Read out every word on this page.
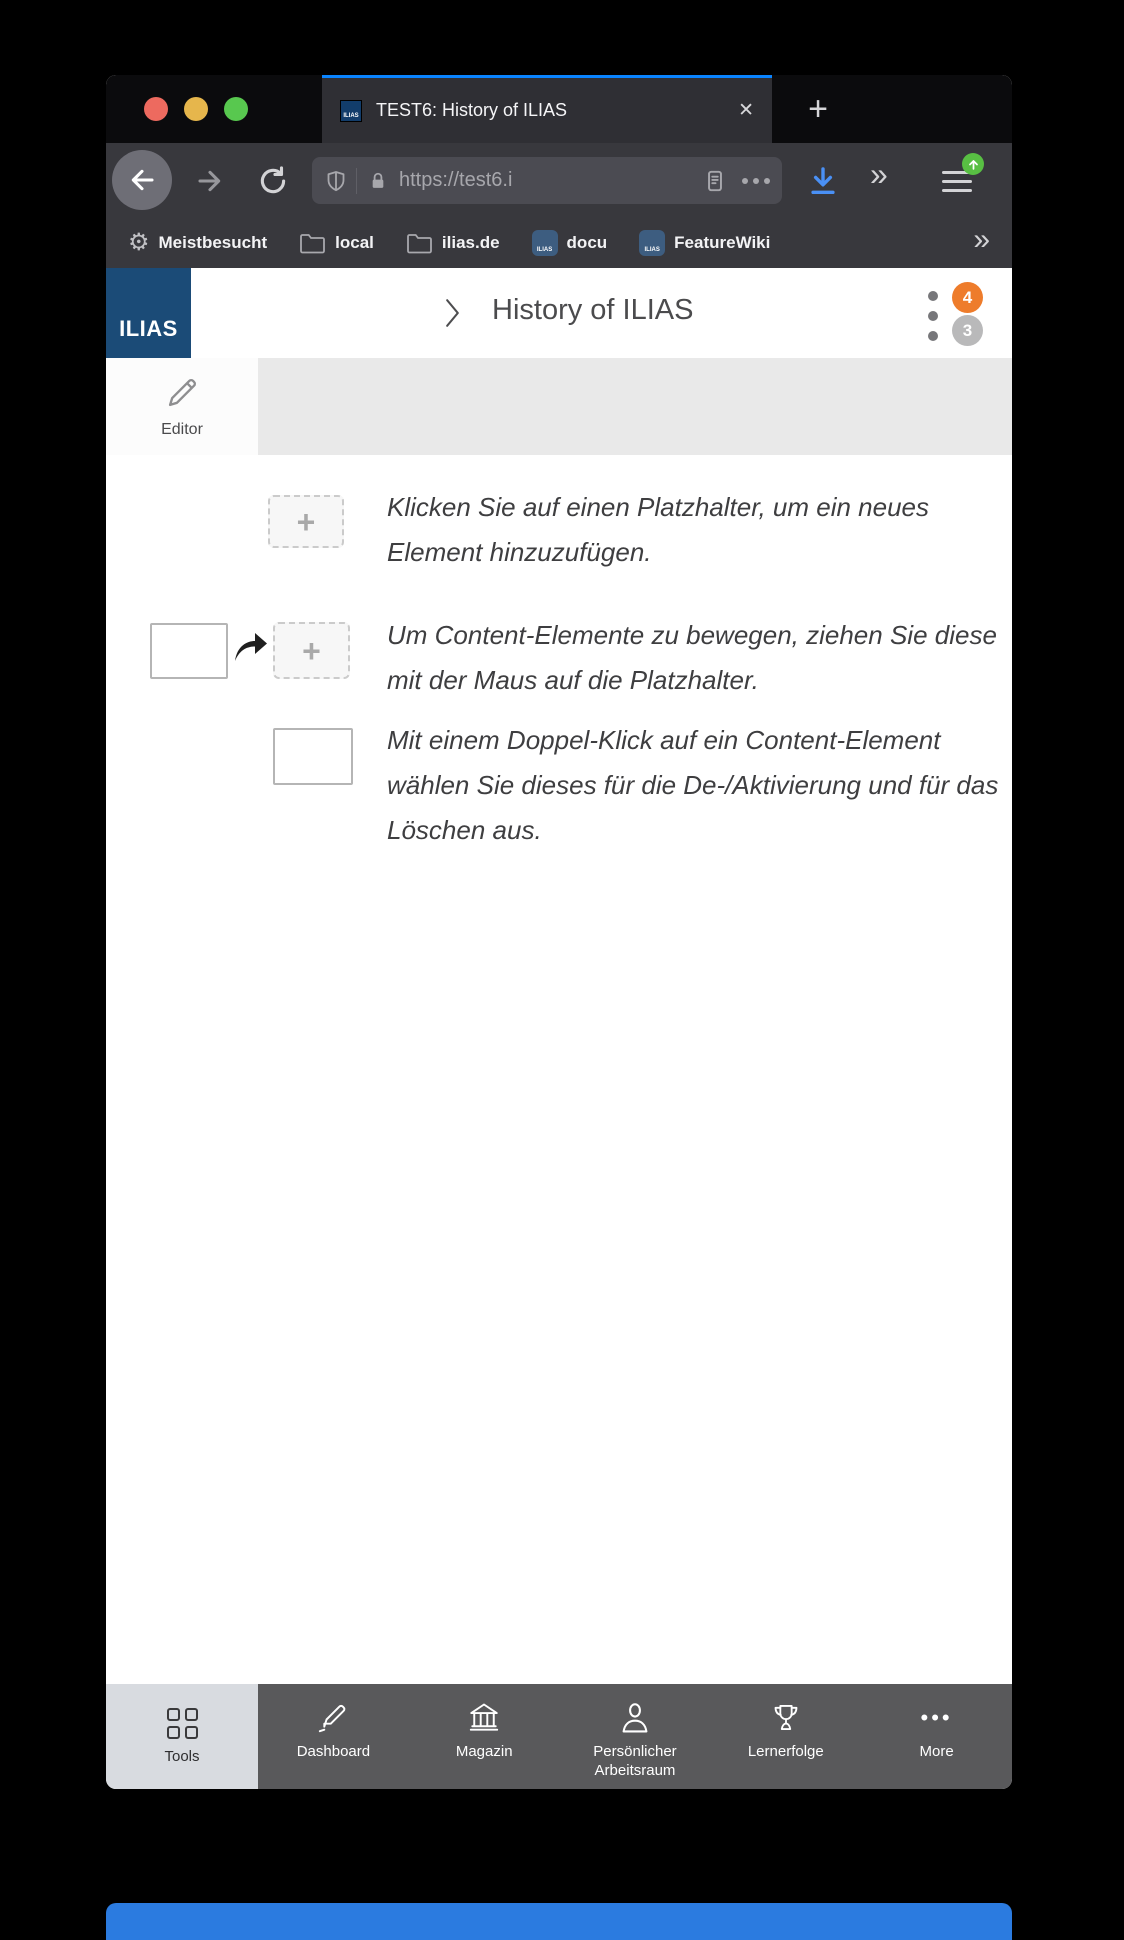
ILIAS TEST6: History of ILIAS	✕	+
https://test6.i	»
⚙ Meistbesucht	local	ilias.de	ILIAS docu	ILIAS FeatureWiki	»
ILIAS
History of ILIAS	4
3
Editor
+	Klicken Sie auf einen Platzhalter, um ein neues
Element hinzuzufügen.
+	Um Content-Elemente zu bewegen, ziehen Sie diese
mit der Maus auf die Platzhalter.
Mit einem Doppel-Klick auf ein Content-Element
wählen Sie dieses für die De-/Aktivierung und für das
Löschen aus.
Tools	Dashboard	Magazin	Persönlicher Arbeitsraum
Lernerfolge
•••
More
